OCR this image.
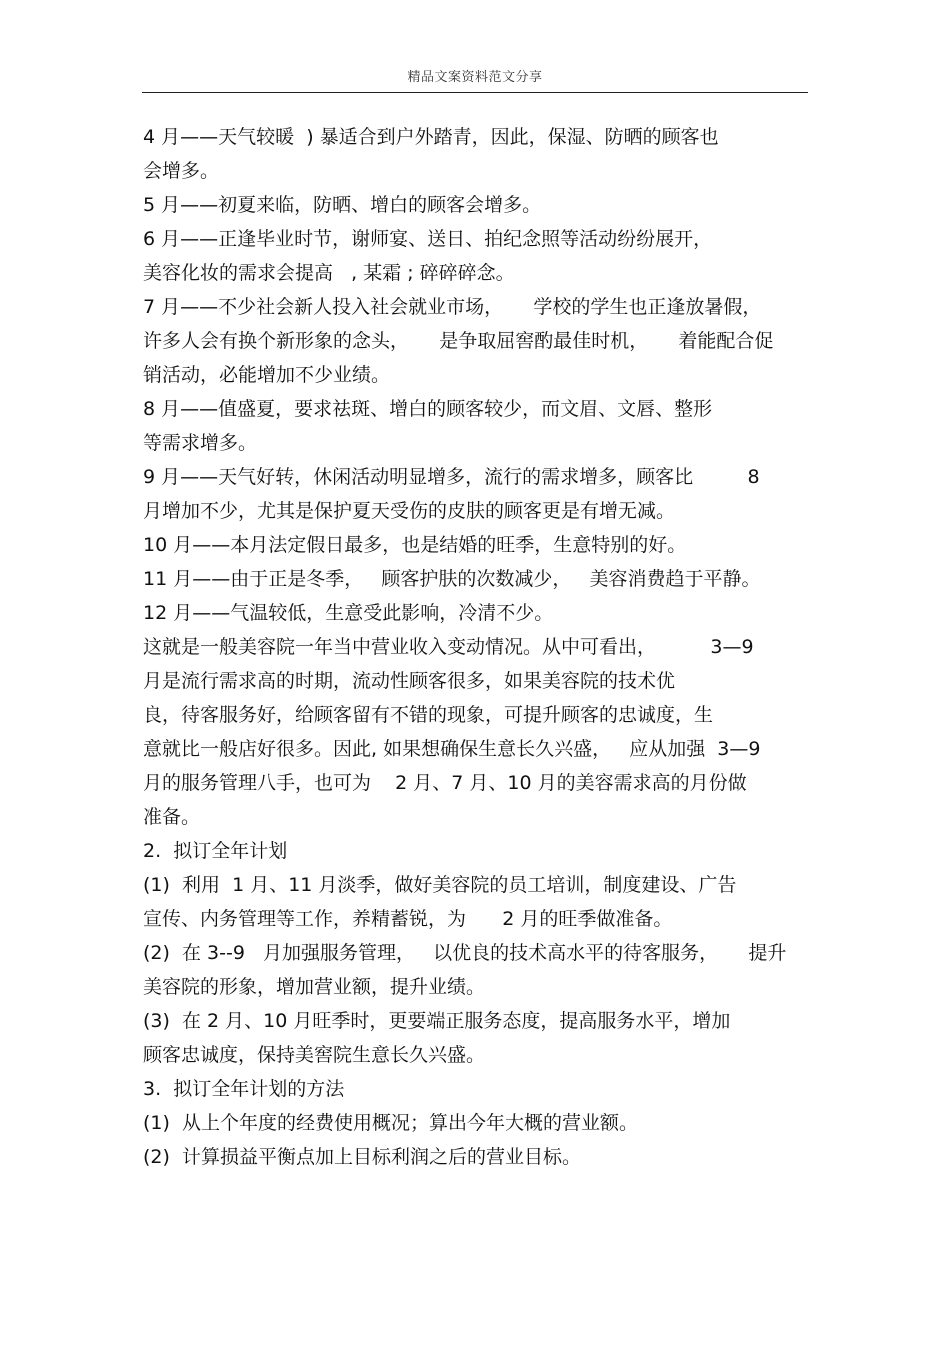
精品文案资料范文分享
4 月——天气较暖  ) 暴适合到户外踏青，因此，保湿、防晒的顾客也
会增多。
5 月——初夏来临，防晒、增白的顾客会增多。
6 月——正逢毕业时节，谢师宴、送日、拍纪念照等活动纷纷展开，
美容化妆的需求会提高   , 某霜 ; 碎碎碎念。
7 月——不少社会新人投入社会就业市场，     学校的学生也正逢放暑假，
许多人会有换个新形象的念头，     是争取屈窖酌最佳时机，     着能配合促
销活动，必能增加不少业绩。
8 月——值盛夏，要求祛斑、增白的顾客较少，而文眉、文唇、整形
等需求增多。
9 月——天气好转，休闲活动明显增多，流行的需求增多，顾客比         8
月增加不少，尤其是保护夏天受伤的皮肤的顾客更是有增无减。
10 月——本月法定假日最多，也是结婚的旺季，生意特别的好。
11 月——由于正是冬季，   顾客护肤的次数减少，   美容消费趋于平静。
12 月——气温较低，生意受此影响，冷清不少。
这就是一般美容院一年当中营业收入变动情况。从中可看出，         3—9
月是流行需求高的时期，流动性顾客很多，如果美容院的技术优
良，待客服务好，给顾客留有不错的现象，可提升顾客的忠诚度，生
意就比一般店好很多。因此, 如果想确保生意长久兴盛，   应从加强  3—9
月的服务管理八手，也可为    2 月、7 月、10 月的美容需求高的月份做
准备。
2.  拟订全年计划
(1)  利用  1 月、11 月淡季，做好美容院的员工培训，制度建设、广告
宣传、内务管理等工作，养精蓄锐，为      2 月的旺季做准备。
(2)  在 3--9   月加强服务管理，   以优良的技术高水平的待客服务，     提升
美容院的形象，增加营业额，提升业绩。
(3)  在 2 月、10 月旺季时，更要端正服务态度，提高服务水平，增加
顾客忠诚度，保持美窖院生意长久兴盛。
3.  拟订全年计划的方法
(1)  从上个年度的经费使用概况；算出今年大概的营业额。
(2)  计算损益平衡点加上目标利润之后的营业目标。
